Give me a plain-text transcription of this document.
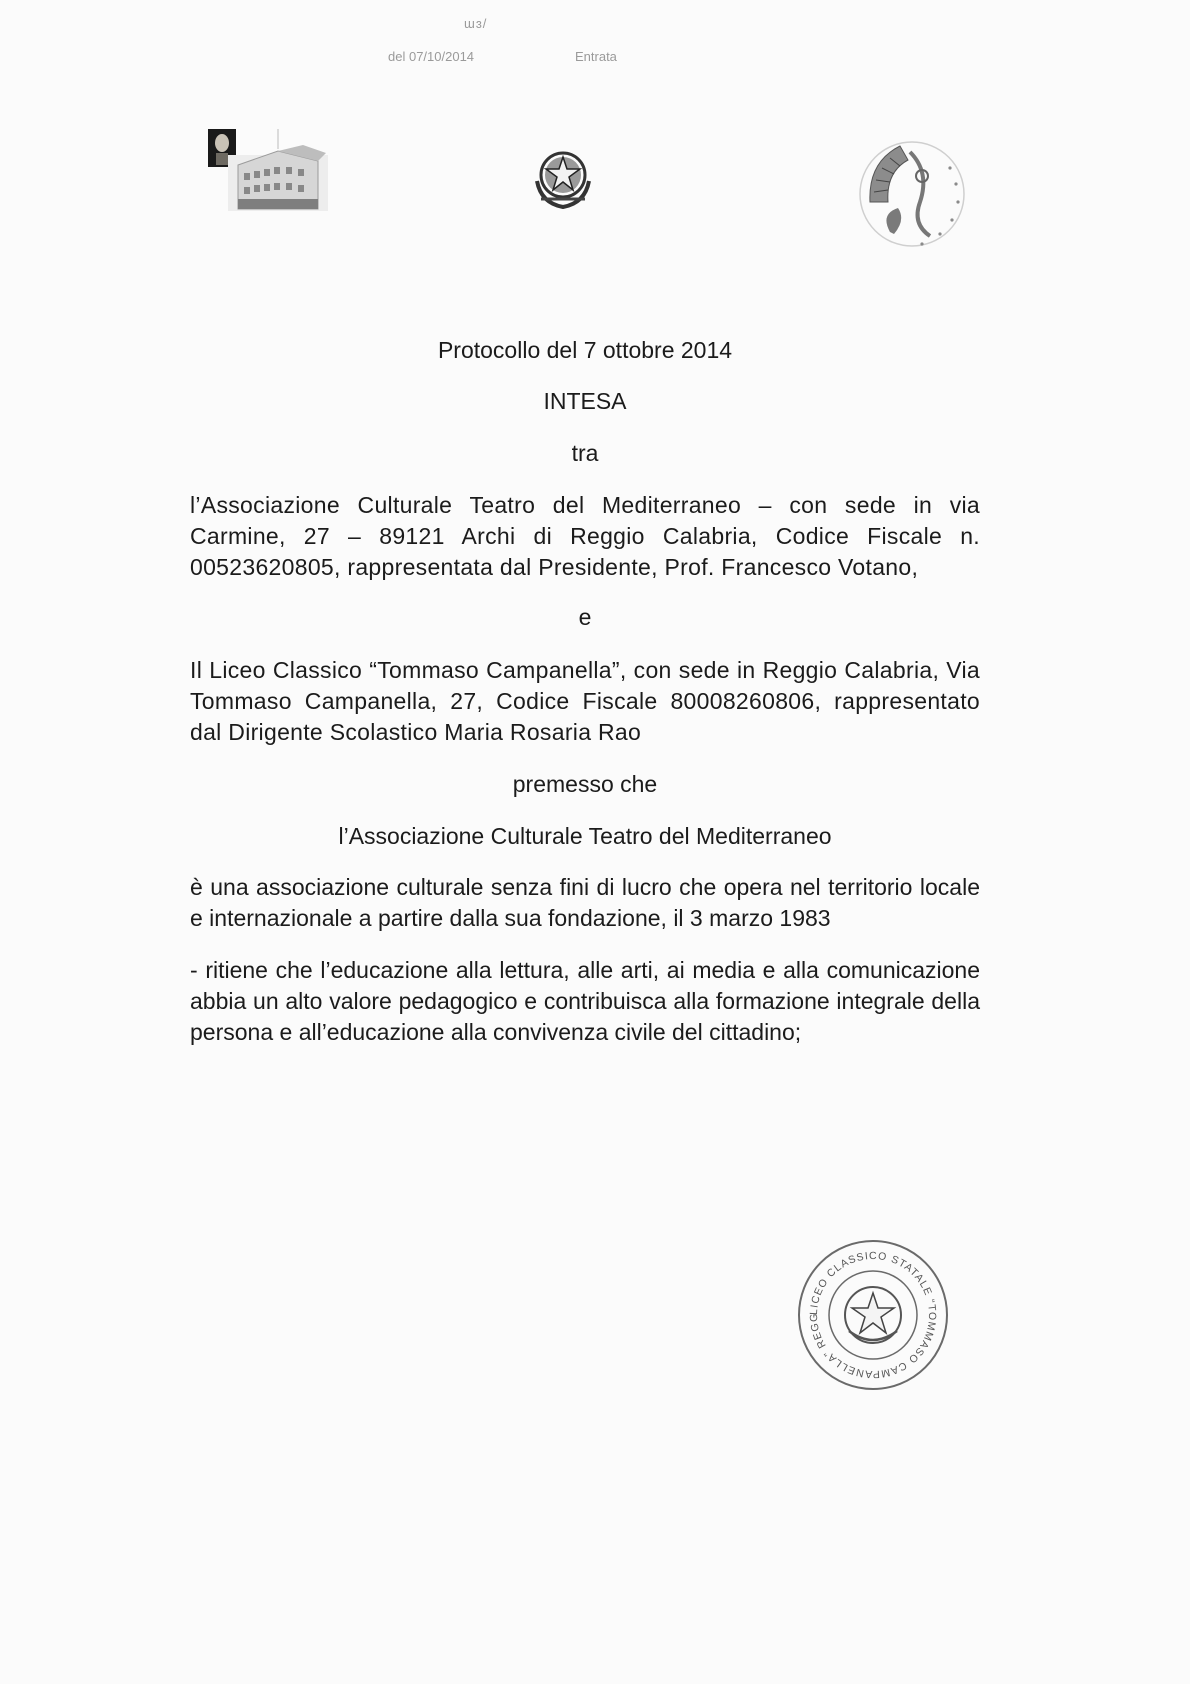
ɯɜ/
del 07/10/2014	Entrata

Protocollo del 7 ottobre 2014

INTESA

tra

l’Associazione Culturale Teatro del Mediterraneo – con sede in via Carmine, 27 – 89121 Archi di Reggio Calabria, Codice Fiscale n. 00523620805, rappresentata dal Presidente, Prof. Francesco Votano,

e

Il Liceo Classico “Tommaso Campanella”, con sede in Reggio Calabria, Via Tommaso Campanella, 27, Codice Fiscale 80008260806, rappresentato dal Dirigente Scolastico Maria Rosaria Rao

premesso che

l’Associazione Culturale Teatro del Mediterraneo

è una associazione culturale senza fini di lucro che opera nel territorio locale e internazionale a partire dalla sua fondazione, il 3 marzo 1983

- ritiene che l’educazione alla lettura, alle arti, ai media e alla comunicazione abbia un alto valore pedagogico e contribuisca alla formazione integrale della persona e all’educazione alla convivenza civile del cittadino;

LICEO CLASSICO STATALE “TOMMASO CAMPANELLA” REGG
